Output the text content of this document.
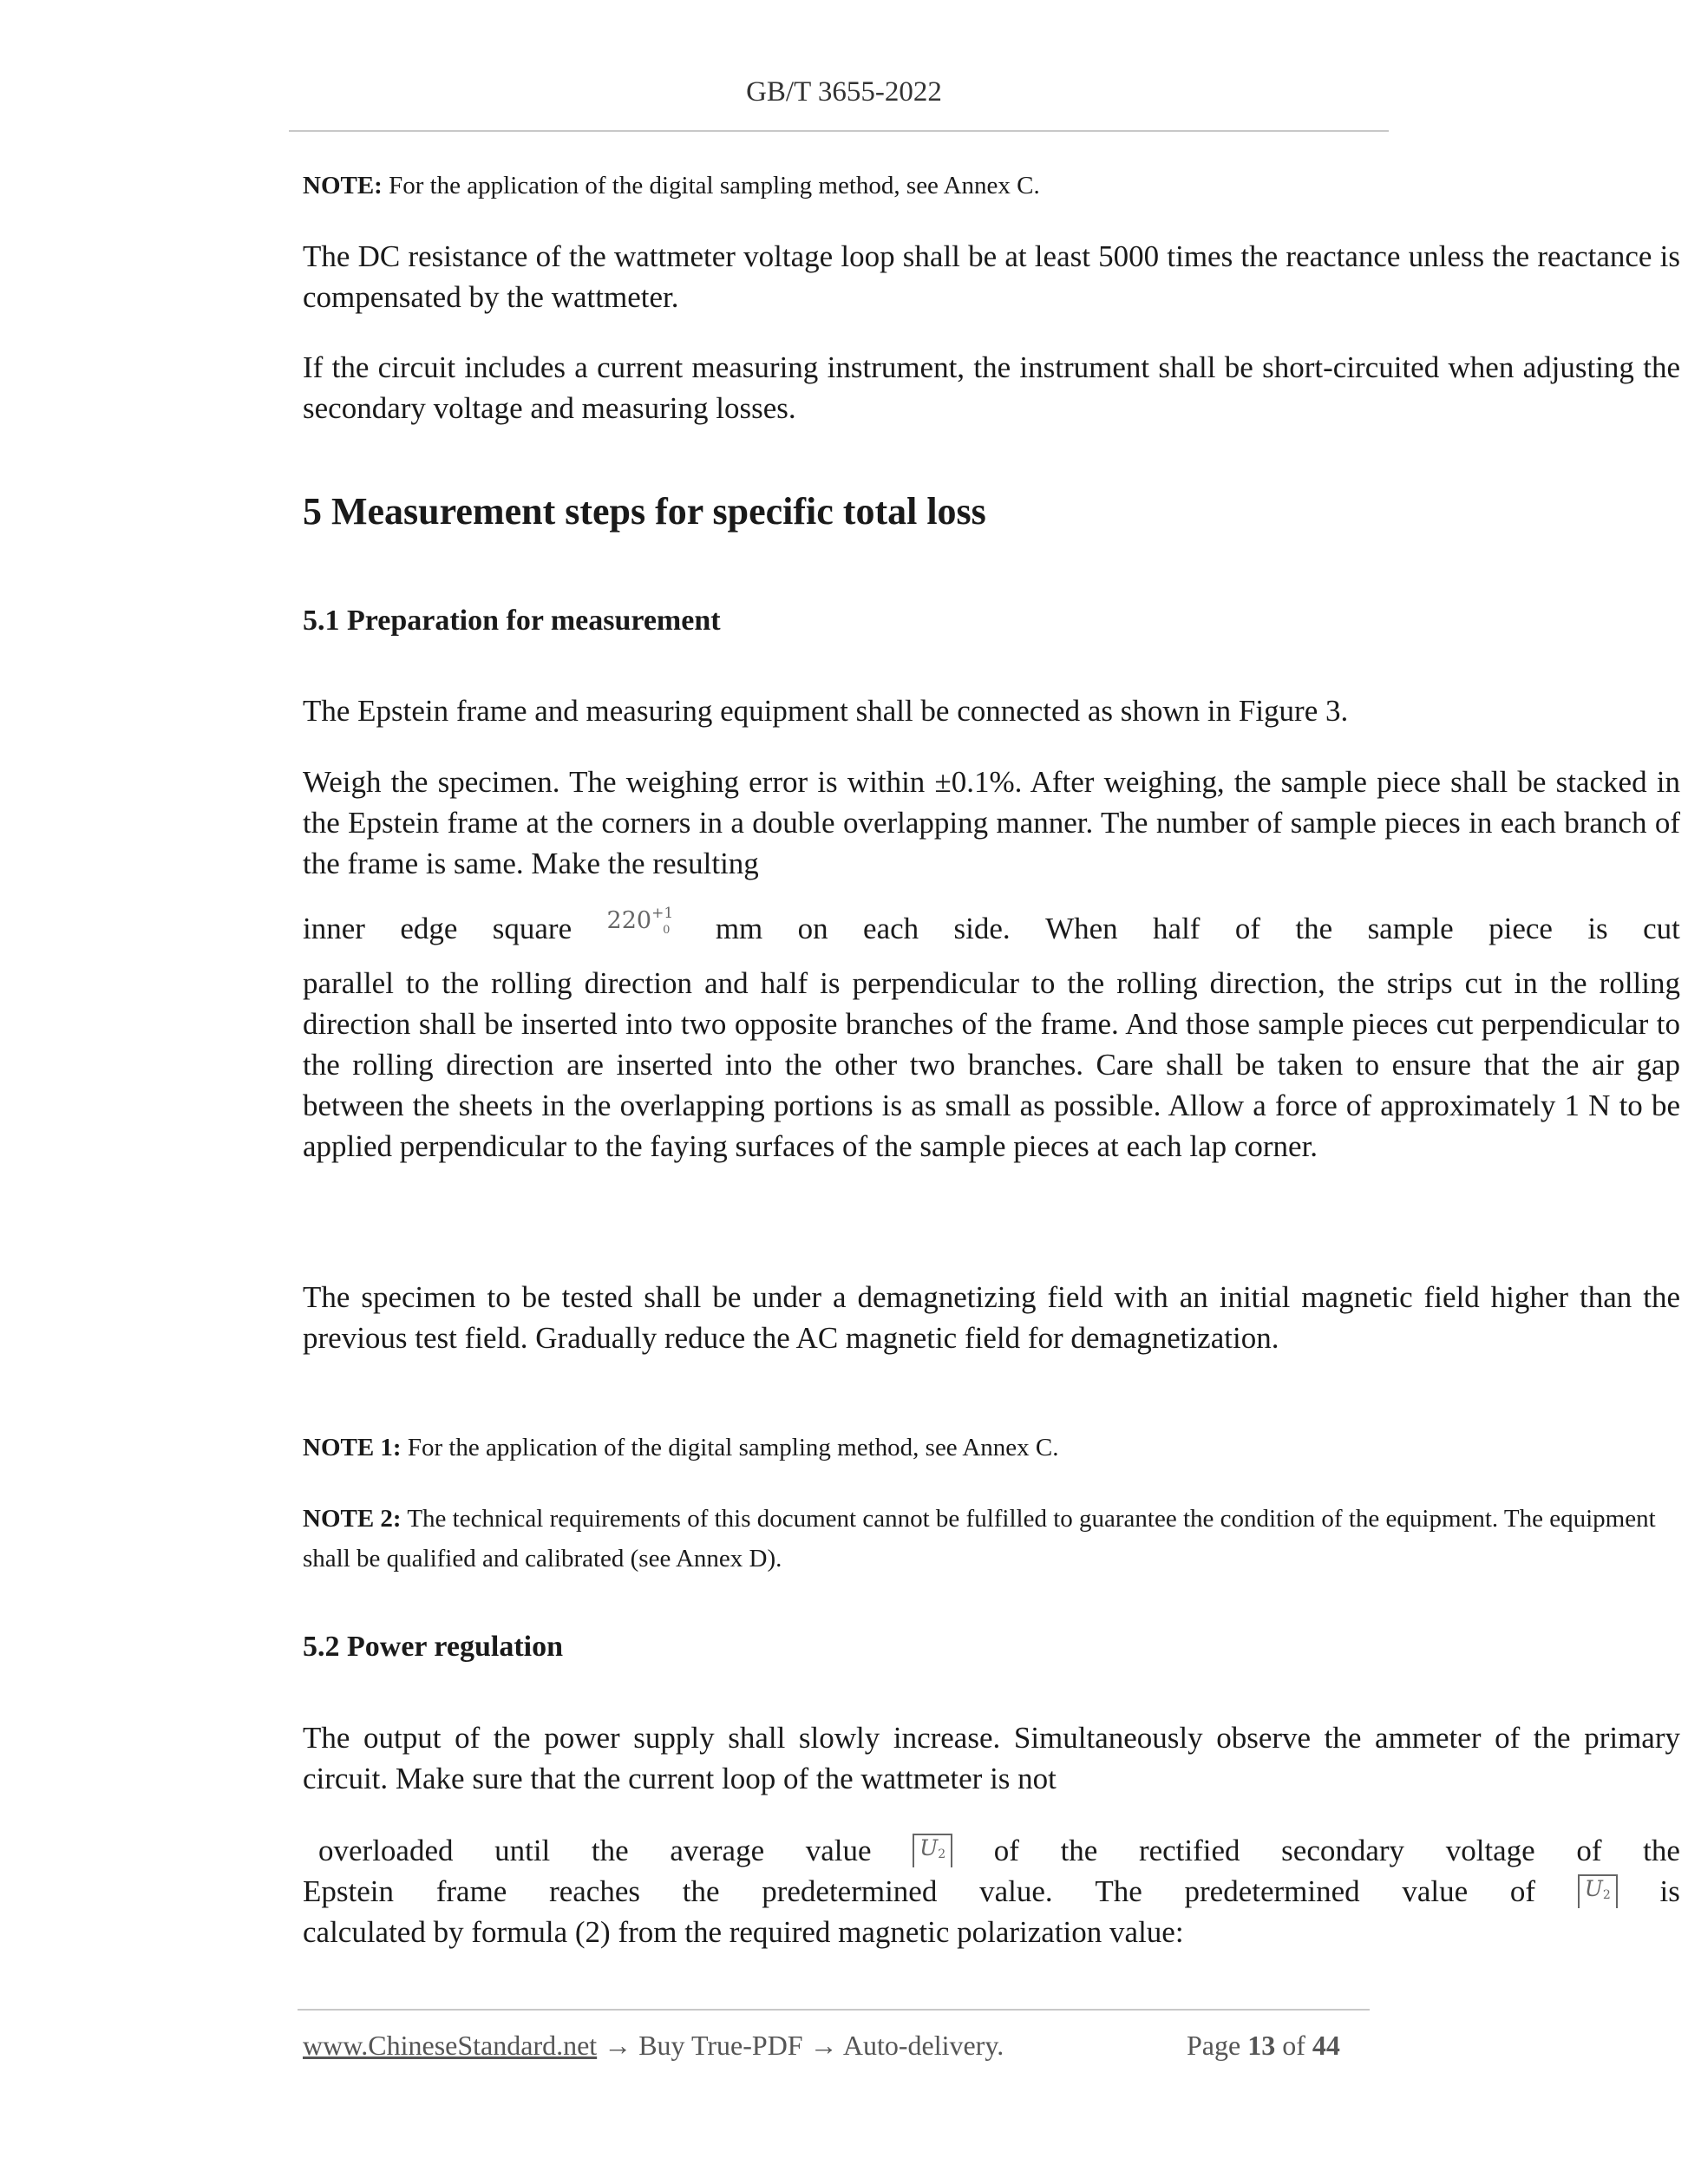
GB/T 3655-2022
NOTE: For the application of the digital sampling method, see Annex C.
The DC resistance of the wattmeter voltage loop shall be at least 5000 times the reactance unless the reactance is compensated by the wattmeter.
If the circuit includes a current measuring instrument, the instrument shall be short-circuited when adjusting the secondary voltage and measuring losses.
5 Measurement steps for specific total loss
5.1 Preparation for measurement
The Epstein frame and measuring equipment shall be connected as shown in Figure 3.
Weigh the specimen. The weighing error is within ±0.1%. After weighing, the sample piece shall be stacked in the Epstein frame at the corners in a double overlapping manner. The number of sample pieces in each branch of the frame is same. Make the resulting
inner edge square $220^{+1}_0$	mm on each side. When half of the sample piece is cut
parallel to the rolling direction and half is perpendicular to the rolling direction, the strips cut in the rolling direction shall be inserted into two opposite branches of the frame. And those sample pieces cut perpendicular to the rolling direction are inserted into the other two branches. Care shall be taken to ensure that the air gap between the sheets in the overlapping portions is as small as possible. Allow a force of approximately 1 N to be applied perpendicular to the faying surfaces of the sample pieces at each lap corner.
The specimen to be tested shall be under a demagnetizing field with an initial magnetic field higher than the previous test field. Gradually reduce the AC magnetic field for demagnetization.
NOTE 1: For the application of the digital sampling method, see Annex C.
NOTE 2: The technical requirements of this document cannot be fulfilled to guarantee the condition of the equipment. The equipment shall be qualified and calibrated (see Annex D).
5.2 Power regulation
The output of the power supply shall slowly increase. Simultaneously observe the ammeter of the primary circuit. Make sure that the current loop of the wattmeter is not
overloaded until the average value	$U_2$ of the rectified secondary voltage of the
Epstein frame reaches the predetermined value. The predetermined value of	$U_2$ is
calculated by formula (2) from the required magnetic polarization value:
www.ChineseStandard.net → Buy True-PDF → Auto-delivery.	Page 13 of 44
